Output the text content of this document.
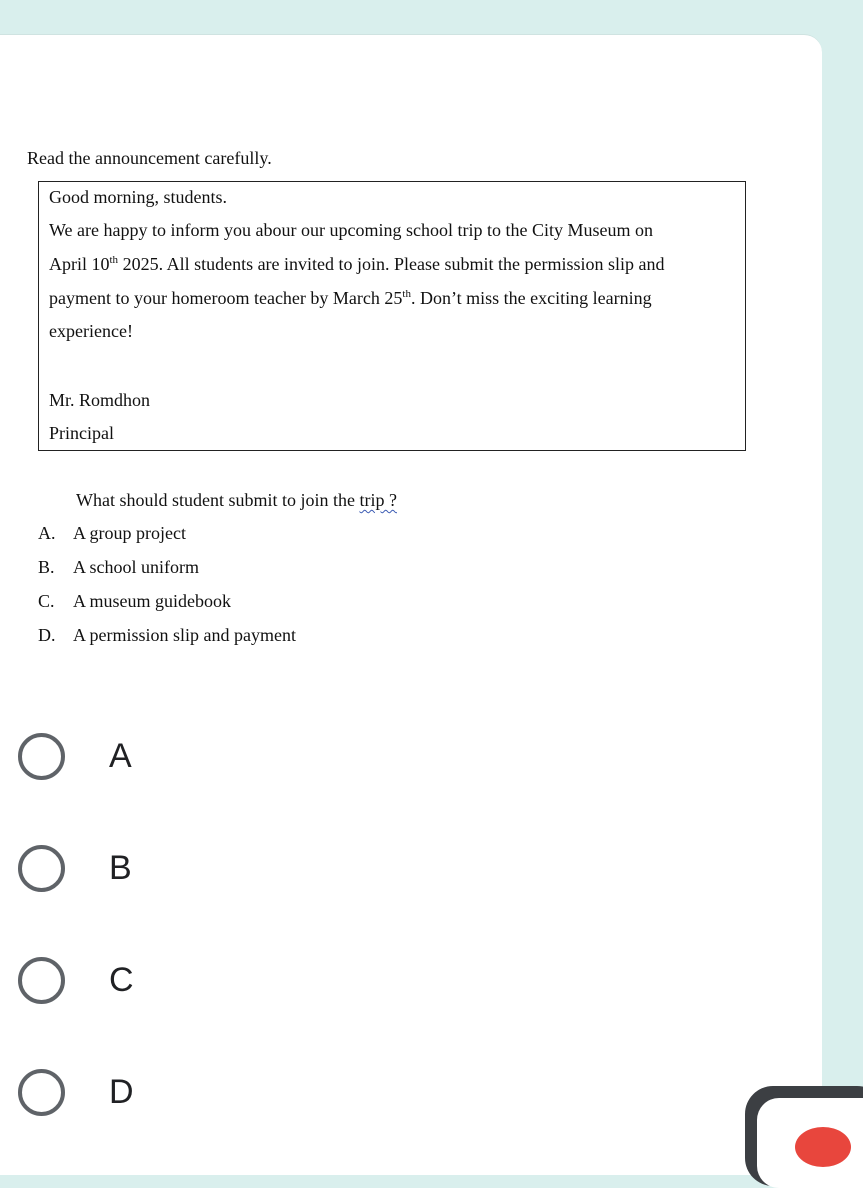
Read the announcement carefully.
Good morning, students.
We are happy to inform you abour our upcoming school trip to the City Museum on
April 10th 2025. All students are invited to join. Please submit the permission slip and
payment to your homeroom teacher by March 25th. Don’t miss the exciting learning
experience!
Mr. Romdhon
Principal
What should student submit to join the trip ?
A. A group project
B. A school uniform
C. A museum guidebook
D. A permission slip and payment
A
B
C
D
